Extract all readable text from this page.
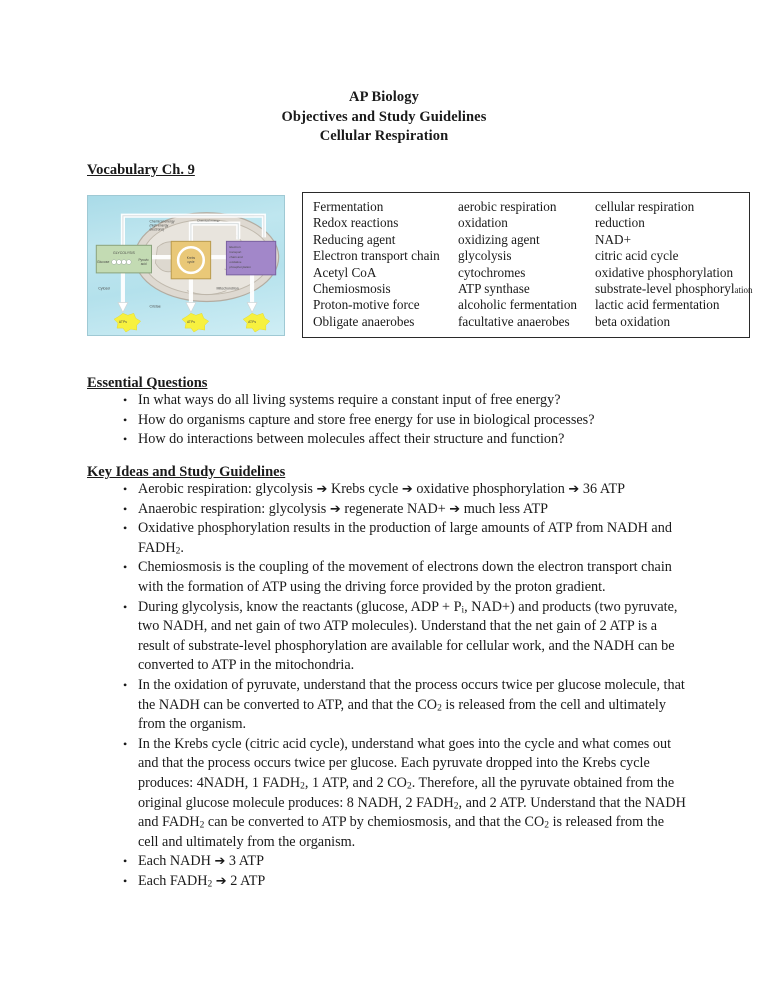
AP Biology
Objectives and Study Guidelines
Cellular Respiration
Vocabulary Ch. 9
GLYCOLYSIS
Glucose	Pyruvic
acid
Krebs
cycle
Electron
transport
chain and
oxidative
phosphorylation
Chemical energy
(high-energy
electrons)
Chemical energy
Cytosol	Mitochondrion
Cristae
ATPs	ATPs	ATPs
Fermentation	aerobic respiration	cellular respiration
Redox reactions	oxidation	reduction
Reducing agent	oxidizing agent	NAD+
Electron transport chain	glycolysis	citric acid cycle
Acetyl CoA	cytochromes	oxidative phosphorylation
Chemiosmosis	ATP synthase	substrate-level phosphorylation
Proton-motive force	alcoholic fermentation	lactic acid fermentation
Obligate anaerobes	facultative anaerobes	beta oxidation
Essential Questions
• In what ways do all living systems require a constant input of free energy?
• How do organisms capture and store free energy for use in biological processes?
• How do interactions between molecules affect their structure and function?
Key Ideas and Study Guidelines
• Aerobic respiration: glycolysis ➔ Krebs cycle ➔ oxidative phosphorylation ➔ 36 ATP
• Anaerobic respiration: glycolysis ➔ regenerate NAD+ ➔ much less ATP
• Oxidative phosphorylation results in the production of large amounts of ATP from NADH and $FADH_2$.
• Chemiosmosis is the coupling of the movement of electrons down the electron transport chain with the formation of ATP using the driving force provided by the proton gradient.
• During glycolysis, know the reactants (glucose, ADP + $P_i$, NAD+) and products (two pyruvate, two NADH, and net gain of two ATP molecules). Understand that the net gain of 2 ATP is a result of substrate-level phosphorylation are available for cellular work, and the NADH can be converted to ATP in the mitochondria.
• In the oxidation of pyruvate, understand that the process occurs twice per glucose molecule, that the NADH can be converted to ATP, and that the $CO_2$ is released from the cell and ultimately from the organism.
• In the Krebs cycle (citric acid cycle), understand what goes into the cycle and what comes out and that the process occurs twice per glucose. Each pyruvate dropped into the Krebs cycle produces: 4NADH, 1 $FADH_2$, 1 ATP, and 2 $CO_2$. Therefore, all the pyruvate obtained from the original glucose molecule produces: 8 NADH, 2 $FADH_2$, and 2 ATP. Understand that the NADH and $FADH_2$ can be converted to ATP by chemiosmosis, and that the $CO_2$ is released from the cell and ultimately from the organism.
• Each NADH ➔ 3 ATP
• Each $FADH_2$ ➔ 2 ATP
